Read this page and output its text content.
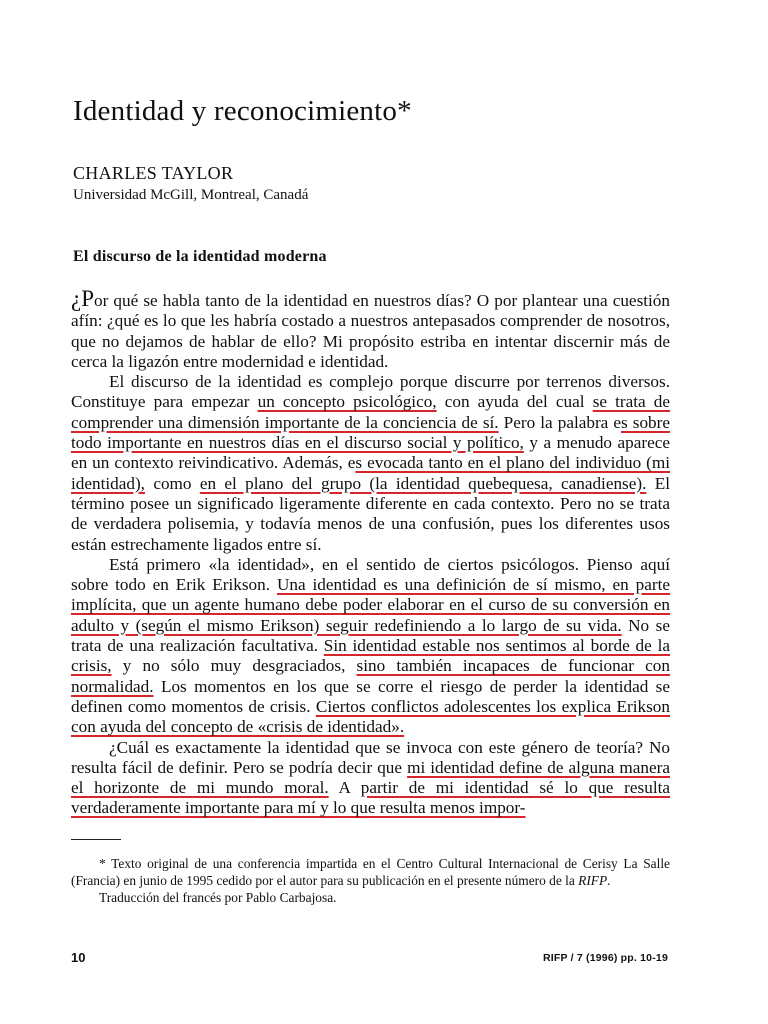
Identidad y reconocimiento*
CHARLES TAYLOR
Universidad McGill, Montreal, Canadá
El discurso de la identidad moderna

¿Por qué se habla tanto de la identidad en nuestros días? O por plantear una cuestión afín: ¿qué es lo que les habría costado a nuestros antepasados comprender de nosotros, que no dejamos de hablar de ello? Mi propósito estriba en intentar discernir más de cerca la ligazón entre modernidad e identidad.

El discurso de la identidad es complejo porque discurre por terrenos diversos. Constituye para empezar un concepto psicológico, con ayuda del cual se trata de comprender una dimensión importante de la conciencia de sí. Pero la palabra es sobre todo importante en nuestros días en el discurso social y político, y a menudo aparece en un contexto reivindicativo. Además, es evocada tanto en el plano del individuo (mi identidad), como en el plano del grupo (la identidad quebequesa, canadiense). El término posee un significado ligeramente diferente en cada contexto. Pero no se trata de verdadera polisemia, y todavía menos de una confusión, pues los diferentes usos están estrechamente ligados entre sí.

Está primero «la identidad», en el sentido de ciertos psicólogos. Pienso aquí sobre todo en Erik Erikson. Una identidad es una definición de sí mismo, en parte implícita, que un agente humano debe poder elaborar en el curso de su conversión en adulto y (según el mismo Erikson) seguir redefiniendo a lo largo de su vida. No se trata de una realización facultativa. Sin identidad estable nos sentimos al borde de la crisis, y no sólo muy desgraciados, sino también incapaces de funcionar con normalidad. Los momentos en los que se corre el riesgo de perder la identidad se definen como momentos de crisis. Ciertos conflictos adolescentes los explica Erikson con ayuda del concepto de «crisis de identidad».

¿Cuál es exactamente la identidad que se invoca con este género de teoría? No resulta fácil de definir. Pero se podría decir que mi identidad define de alguna manera el horizonte de mi mundo moral. A partir de mi identidad sé lo que resulta verdaderamente importante para mí y lo que resulta menos impor-

* Texto original de una conferencia impartida en el Centro Cultural Internacional de Cerisy La Salle (Francia) en junio de 1995 cedido por el autor para su publicación en el presente número de la RIFP.

Traducción del francés por Pablo Carbajosa.

10	RIFP / 7 (1996) pp. 10-19
